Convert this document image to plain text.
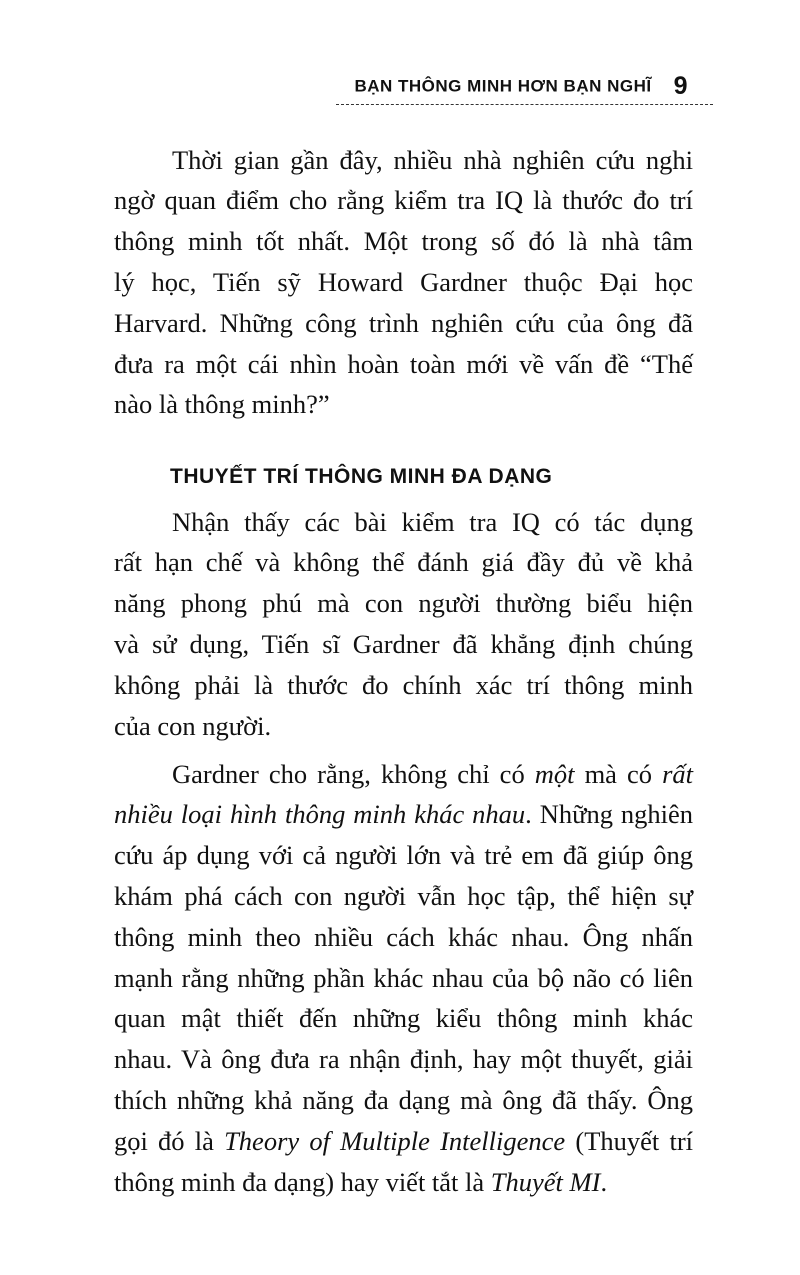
BẠN THÔNG MINH HƠN BẠN NGHĨ 9
Thời gian gần đây, nhiều nhà nghiên cứu nghi
ngờ quan điểm cho rằng kiểm tra IQ là thước đo trí
thông minh tốt nhất. Một trong số đó là nhà tâm
lý học, Tiến sỹ Howard Gardner thuộc Đại học
Harvard. Những công trình nghiên cứu của ông đã
đưa ra một cái nhìn hoàn toàn mới về vấn đề “Thế
nào là thông minh?”
Nhận thấy các bài kiểm tra IQ có tác dụng
rất hạn chế và không thể đánh giá đầy đủ về khả
năng phong phú mà con người thường biểu hiện
và sử dụng, Tiến sĩ Gardner đã khẳng định chúng
không phải là thước đo chính xác trí thông minh
của con người.
Gardner cho rằng, không chỉ có một mà có rất
nhiều loại hình thông minh khác nhau. Những nghiên
cứu áp dụng với cả người lớn và trẻ em đã giúp ông
khám phá cách con người vẫn học tập, thể hiện sự
thông minh theo nhiều cách khác nhau. Ông nhấn
mạnh rằng những phần khác nhau của bộ não có liên
quan mật thiết đến những kiểu thông minh khác
nhau. Và ông đưa ra nhận định, hay một thuyết, giải
thích những khả năng đa dạng mà ông đã thấy. Ông
gọi đó là Theory of Multiple Intelligence (Thuyết trí
thông minh đa dạng) hay viết tắt là Thuyết MI.
THUYẾT TRÍ THÔNG MINH ĐA DẠNG
